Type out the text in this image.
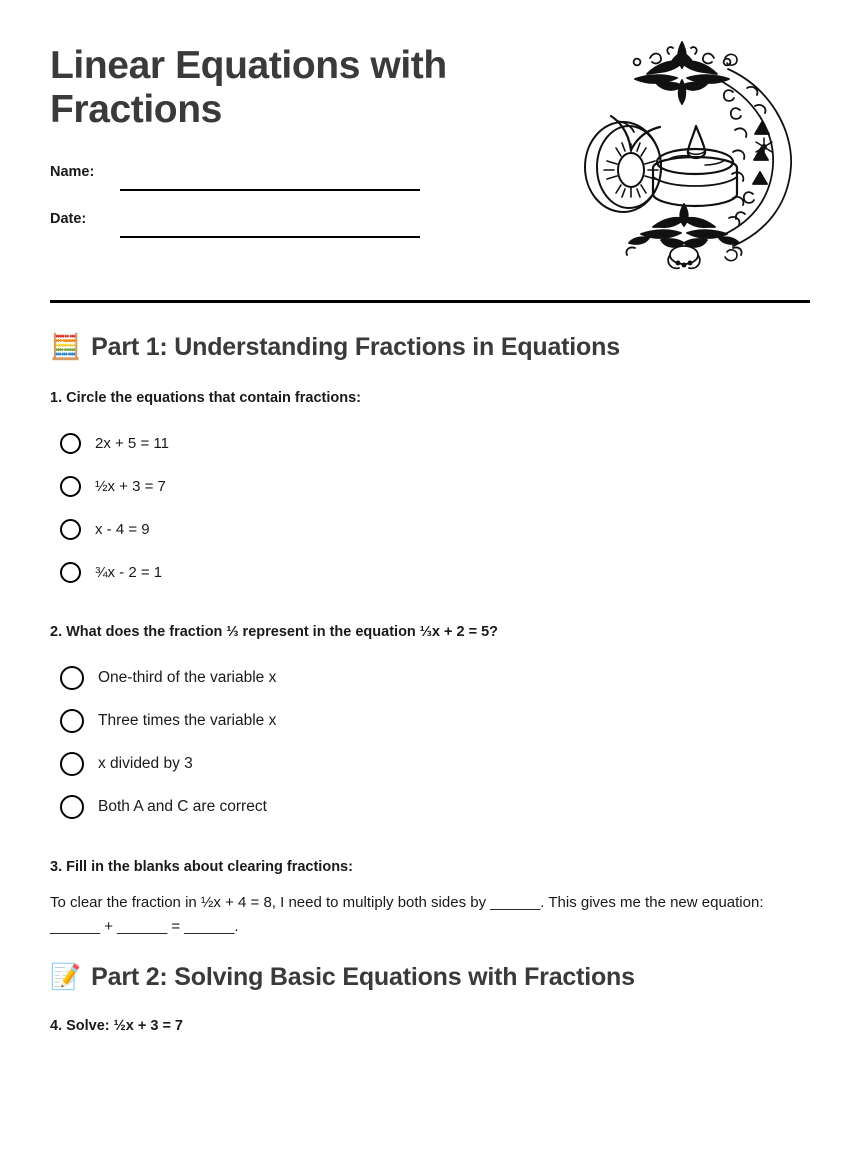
Linear Equations with Fractions
Name:
Date:
🧮 Part 1: Understanding Fractions in Equations

1. Circle the equations that contain fractions:

2x + 5 = 11
½x + 3 = 7
x - 4 = 9
¾x - 2 = 1

2. What does the fraction ⅓ represent in the equation ⅓x + 2 = 5?

One-third of the variable x
Three times the variable x
x divided by 3
Both A and C are correct

3. Fill in the blanks about clearing fractions:

To clear the fraction in ½x + 4 = 8, I need to multiply both sides by ______. This gives me the new equation:

______ + ______ = ______.

📝 Part 2: Solving Basic Equations with Fractions

4. Solve: ½x + 3 = 7
